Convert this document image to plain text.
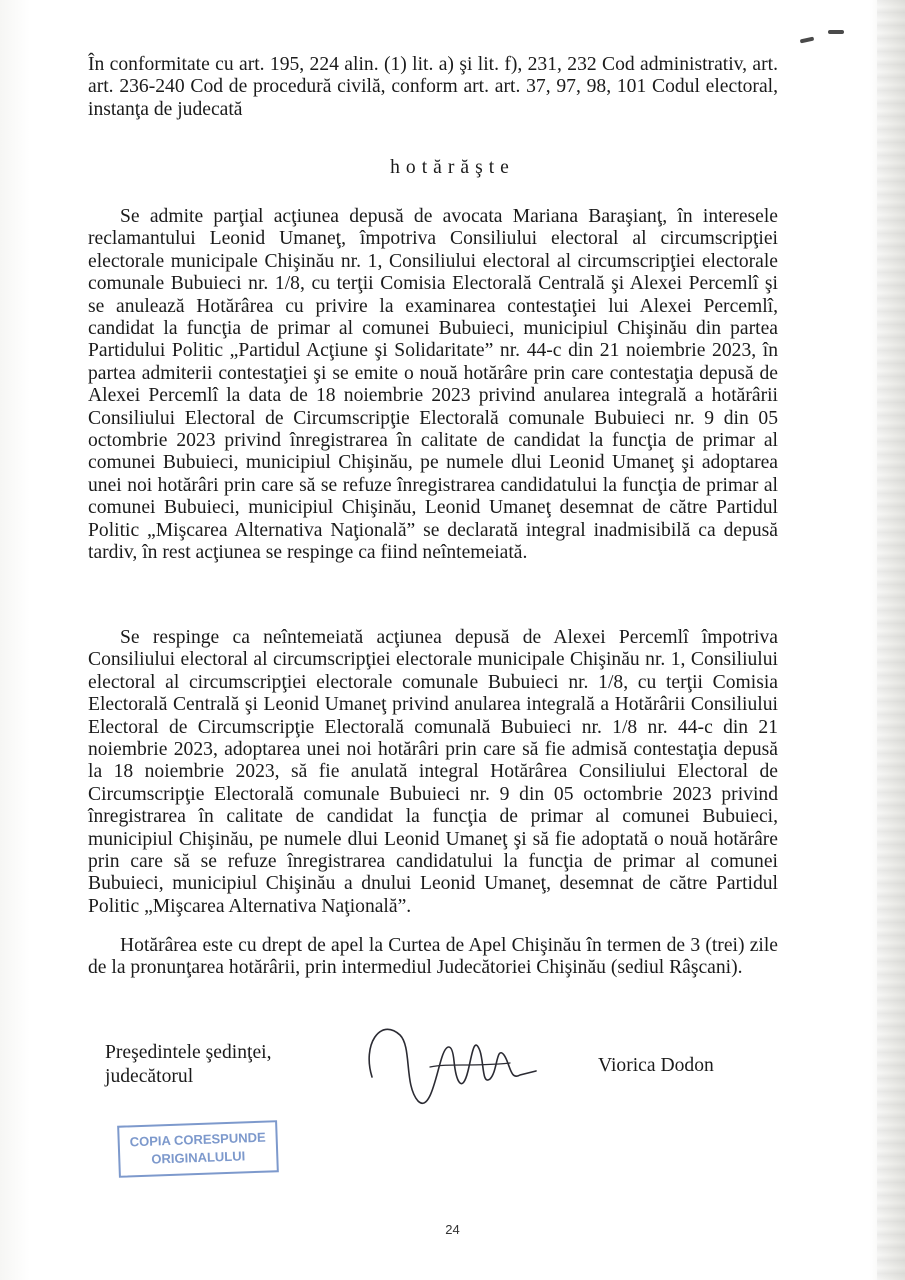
În conformitate cu art. 195, 224 alin. (1) lit. a) şi lit. f), 231, 232 Cod administrativ, art. art. 236-240 Cod de procedură civilă, conform art. art. 37, 97, 98, 101 Codul electoral, instanţa de judecată

hotărăşte

Se admite parţial acţiunea depusă de avocata Mariana Baraşianţ, în interesele reclamantului Leonid Umaneţ, împotriva Consiliului electoral al circumscripţiei electorale municipale Chişinău nr. 1, Consiliului electoral al circumscripţiei electorale comunale Bubuieci nr. 1/8, cu terţii Comisia Electorală Centrală şi Alexei Percemlî şi se anulează Hotărârea cu privire la examinarea contestaţiei lui Alexei Percemlî, candidat la funcţia de primar al comunei Bubuieci, municipiul Chişinău din partea Partidului Politic „Partidul Acţiune şi Solidaritate” nr. 44-c din 21 noiembrie 2023, în partea admiterii contestaţiei şi se emite o nouă hotărâre prin care contestaţia depusă de Alexei Percemlî la data de 18 noiembrie 2023 privind anularea integrală a hotărârii Consiliului Electoral de Circumscripţie Electorală comunale Bubuieci nr. 9 din 05 octombrie 2023 privind înregistrarea în calitate de candidat la funcţia de primar al comunei Bubuieci, municipiul Chişinău, pe numele dlui Leonid Umaneţ şi adoptarea unei noi hotărâri prin care să se refuze înregistrarea candidatului la funcţia de primar al comunei Bubuieci, municipiul Chişinău, Leonid Umaneţ desemnat de către Partidul Politic „Mişcarea Alternativa Naţională” se declarată integral inadmisibilă ca depusă tardiv, în rest acţiunea se respinge ca fiind neîntemeiată.

Se respinge ca neîntemeiată acţiunea depusă de Alexei Percemlî împotriva Consiliului electoral al circumscripţiei electorale municipale Chişinău nr. 1, Consiliului electoral al circumscripţiei electorale comunale Bubuieci nr. 1/8, cu terţii Comisia Electorală Centrală şi Leonid Umaneţ privind anularea integrală a Hotărârii Consiliului Electoral de Circumscripţie Electorală comunală Bubuieci nr. 1/8 nr. 44-c din 21 noiembrie 2023, adoptarea unei noi hotărâri prin care să fie admisă contestaţia depusă la 18 noiembrie 2023, să fie anulată integral Hotărârea Consiliului Electoral de Circumscripţie Electorală comunale Bubuieci nr. 9 din 05 octombrie 2023 privind înregistrarea în calitate de candidat la funcţia de primar al comunei Bubuieci, municipiul Chişinău, pe numele dlui Leonid Umaneţ şi să fie adoptată o nouă hotărâre prin care să se refuze înregistrarea candidatului la funcţia de primar al comunei Bubuieci, municipiul Chişinău a dnului Leonid Umaneţ, desemnat de către Partidul Politic „Mişcarea Alternativa Naţională”.

Hotărârea este cu drept de apel la Curtea de Apel Chişinău în termen de 3 (trei) zile de la pronunţarea hotărârii, prin intermediul Judecătoriei Chişinău (sediul Râşcani).

Preşedintele şedinţei,
judecătorul
Viorica Dodon
COPIA CORESPUNDE
ORIGINALULUI
24
